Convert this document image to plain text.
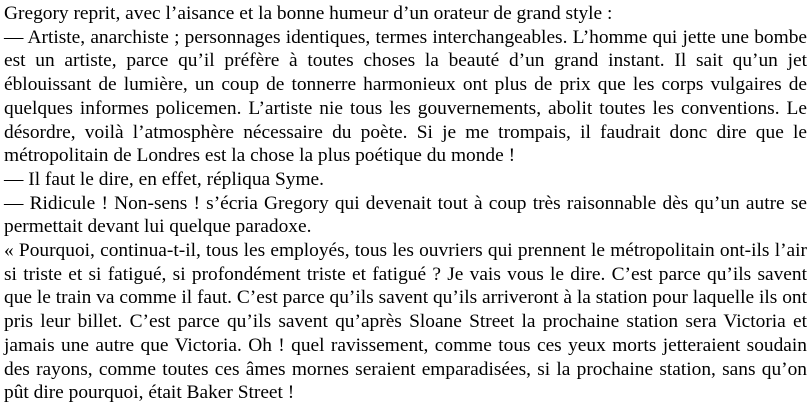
Gregory reprit, avec l’aisance et la bonne humeur d’un orateur de grand style :

— Artiste, anarchiste ; personnages identiques, termes interchangeables. L’homme qui jette une bombe est un artiste, parce qu’il préfère à toutes choses la beauté d’un grand instant. Il sait qu’un jet éblouissant de lumière, un coup de tonnerre harmonieux ont plus de prix que les corps vulgaires de quelques informes policemen. L’artiste nie tous les gouvernements, abolit toutes les conventions. Le désordre, voilà l’atmosphère nécessaire du poète. Si je me trompais, il faudrait donc dire que le métropolitain de Londres est la chose la plus poétique du monde !

— Il faut le dire, en effet, répliqua Syme.

— Ridicule ! Non-sens ! s’écria Gregory qui devenait tout à coup très raisonnable dès qu’un autre se permettait devant lui quelque paradoxe.

« Pourquoi, continua-t-il, tous les employés, tous les ouvriers qui prennent le métropolitain ont-ils l’air si triste et si fatigué, si profondément triste et fatigué ? Je vais vous le dire. C’est parce qu’ils savent que le train va comme il faut. C’est parce qu’ils savent qu’ils arriveront à la station pour laquelle ils ont pris leur billet. C’est parce qu’ils savent qu’après Sloane Street la prochaine station sera Victoria et jamais une autre que Victoria. Oh ! quel ravissement, comme tous ces yeux morts jetteraient soudain des rayons, comme toutes ces âmes mornes seraient emparadisées, si la prochaine station, sans qu’on pût dire pourquoi, était Baker Street !
